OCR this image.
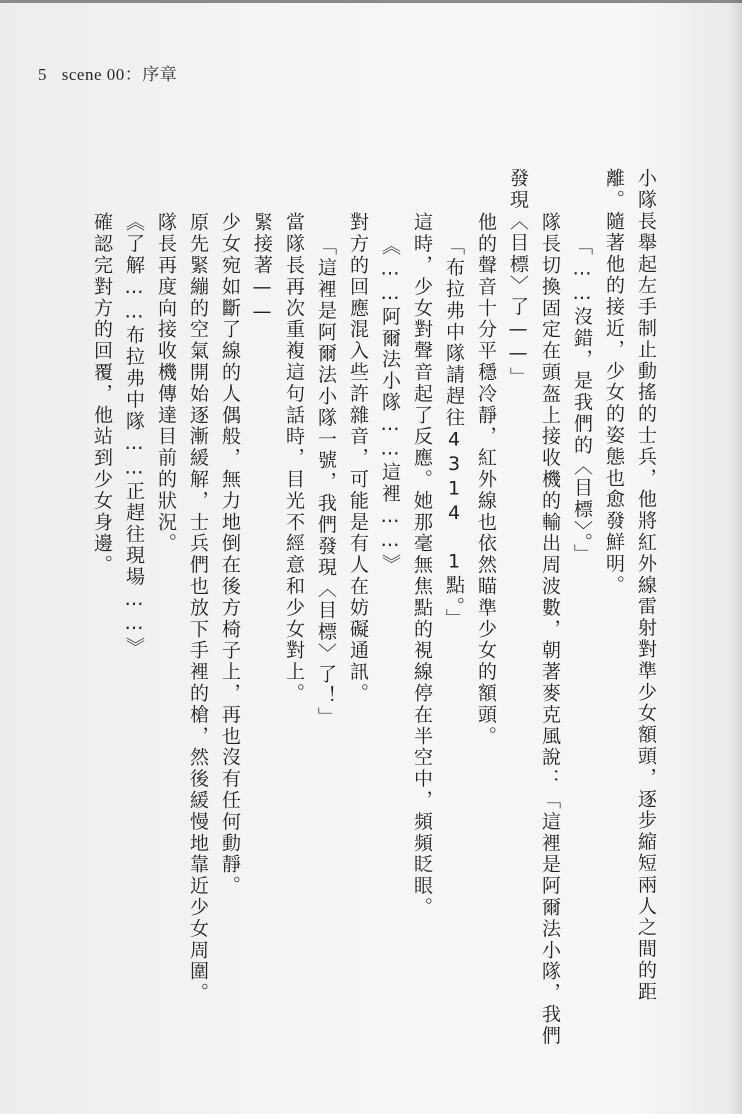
5 scene 00：序章
小隊長舉起左手制止動搖的士兵，他將紅外線雷射對準少女額頭，逐步縮短兩人之間的距
離。隨著他的接近，少女的姿態也愈發鮮明。
「……沒錯，是我們的〈目標〉。」
隊長切換固定在頭盔上接收機的輸出周波數，朝著麥克風說：「這裡是阿爾法小隊，我們
發現〈目標〉了——」
他的聲音十分平穩冷靜，紅外線也依然瞄準少女的額頭。
「布拉弗中隊請趕往4314 1點。」
這時，少女對聲音起了反應。她那毫無焦點的視線停在半空中，頻頻眨眼。
《……阿爾法小隊……這裡……》
對方的回應混入些許雜音，可能是有人在妨礙通訊。
「這裡是阿爾法小隊一號，我們發現〈目標〉了！」
當隊長再次重複這句話時，目光不經意和少女對上。
緊接著——
少女宛如斷了線的人偶般，無力地倒在後方椅子上，再也沒有任何動靜。
原先緊繃的空氣開始逐漸緩解，士兵們也放下手裡的槍，然後緩慢地靠近少女周圍。
隊長再度向接收機傳達目前的狀況。
《了解……布拉弗中隊……正趕往現場……》
確認完對方的回覆，他站到少女身邊。
